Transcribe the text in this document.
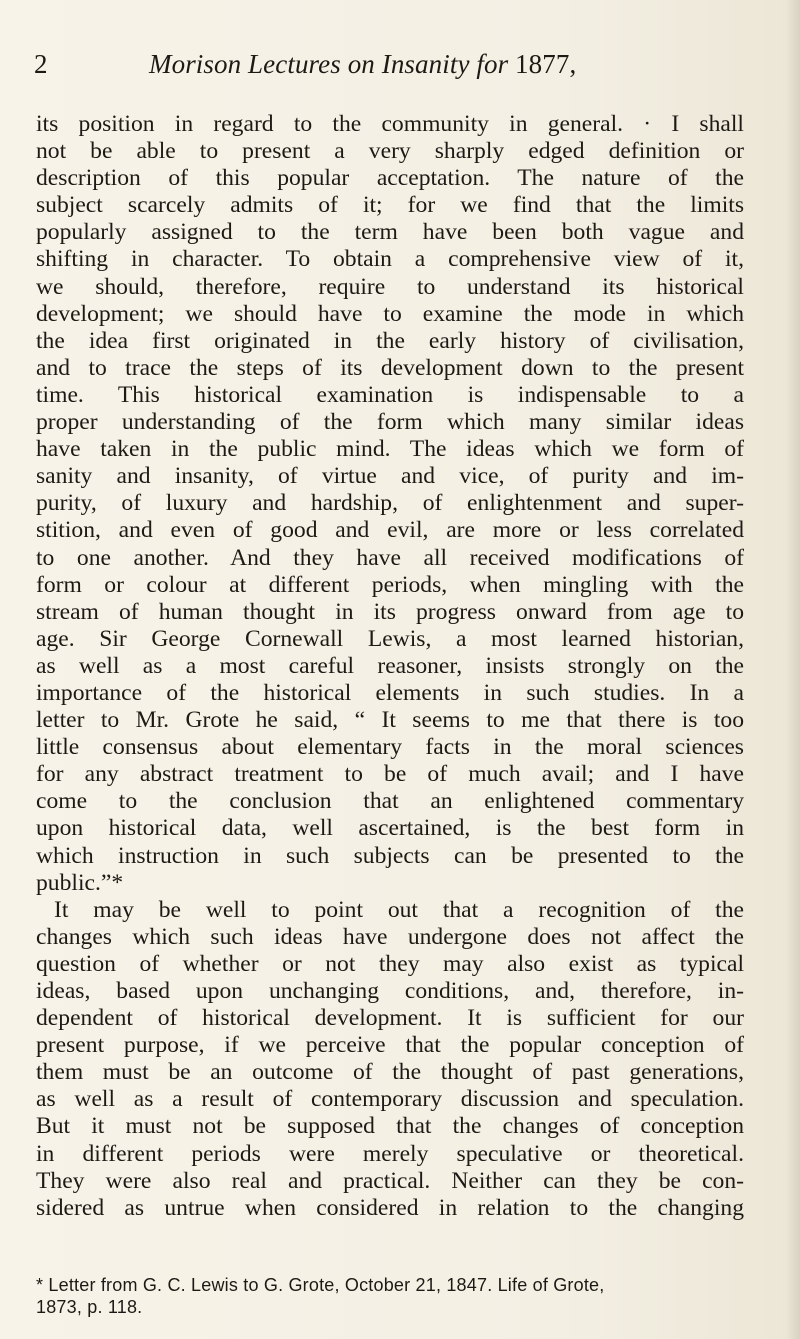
2	Morison Lectures on Insanity for 1877,
its position in regard to the community in general. · I shall
not be able to present a very sharply edged definition or
description of this popular acceptation. The nature of the
subject scarcely admits of it; for we find that the limits
popularly assigned to the term have been both vague and
shifting in character. To obtain a comprehensive view of it,
we should, therefore, require to understand its historical
development; we should have to examine the mode in which
the idea first originated in the early history of civilisation,
and to trace the steps of its development down to the present
time. This historical examination is indispensable to a
proper understanding of the form which many similar ideas
have taken in the public mind. The ideas which we form of
sanity and insanity, of virtue and vice, of purity and im-
purity, of luxury and hardship, of enlightenment and super-
stition, and even of good and evil, are more or less correlated
to one another. And they have all received modifications of
form or colour at different periods, when mingling with the
stream of human thought in its progress onward from age to
age. Sir George Cornewall Lewis, a most learned historian,
as well as a most careful reasoner, insists strongly on the
importance of the historical elements in such studies. In a
letter to Mr. Grote he said, “ It seems to me that there is too
little consensus about elementary facts in the moral sciences
for any abstract treatment to be of much avail; and I have
come to the conclusion that an enlightened commentary
upon historical data, well ascertained, is the best form in
which instruction in such subjects can be presented to the
public.”*
It may be well to point out that a recognition of the
changes which such ideas have undergone does not affect the
question of whether or not they may also exist as typical
ideas, based upon unchanging conditions, and, therefore, in-
dependent of historical development. It is sufficient for our
present purpose, if we perceive that the popular conception of
them must be an outcome of the thought of past generations,
as well as a result of contemporary discussion and speculation.
But it must not be supposed that the changes of conception
in different periods were merely speculative or theoretical.
They were also real and practical. Neither can they be con-
sidered as untrue when considered in relation to the changing
* Letter from G. C. Lewis to G. Grote, October 21, 1847. Life of Grote,
1873, p. 118.
